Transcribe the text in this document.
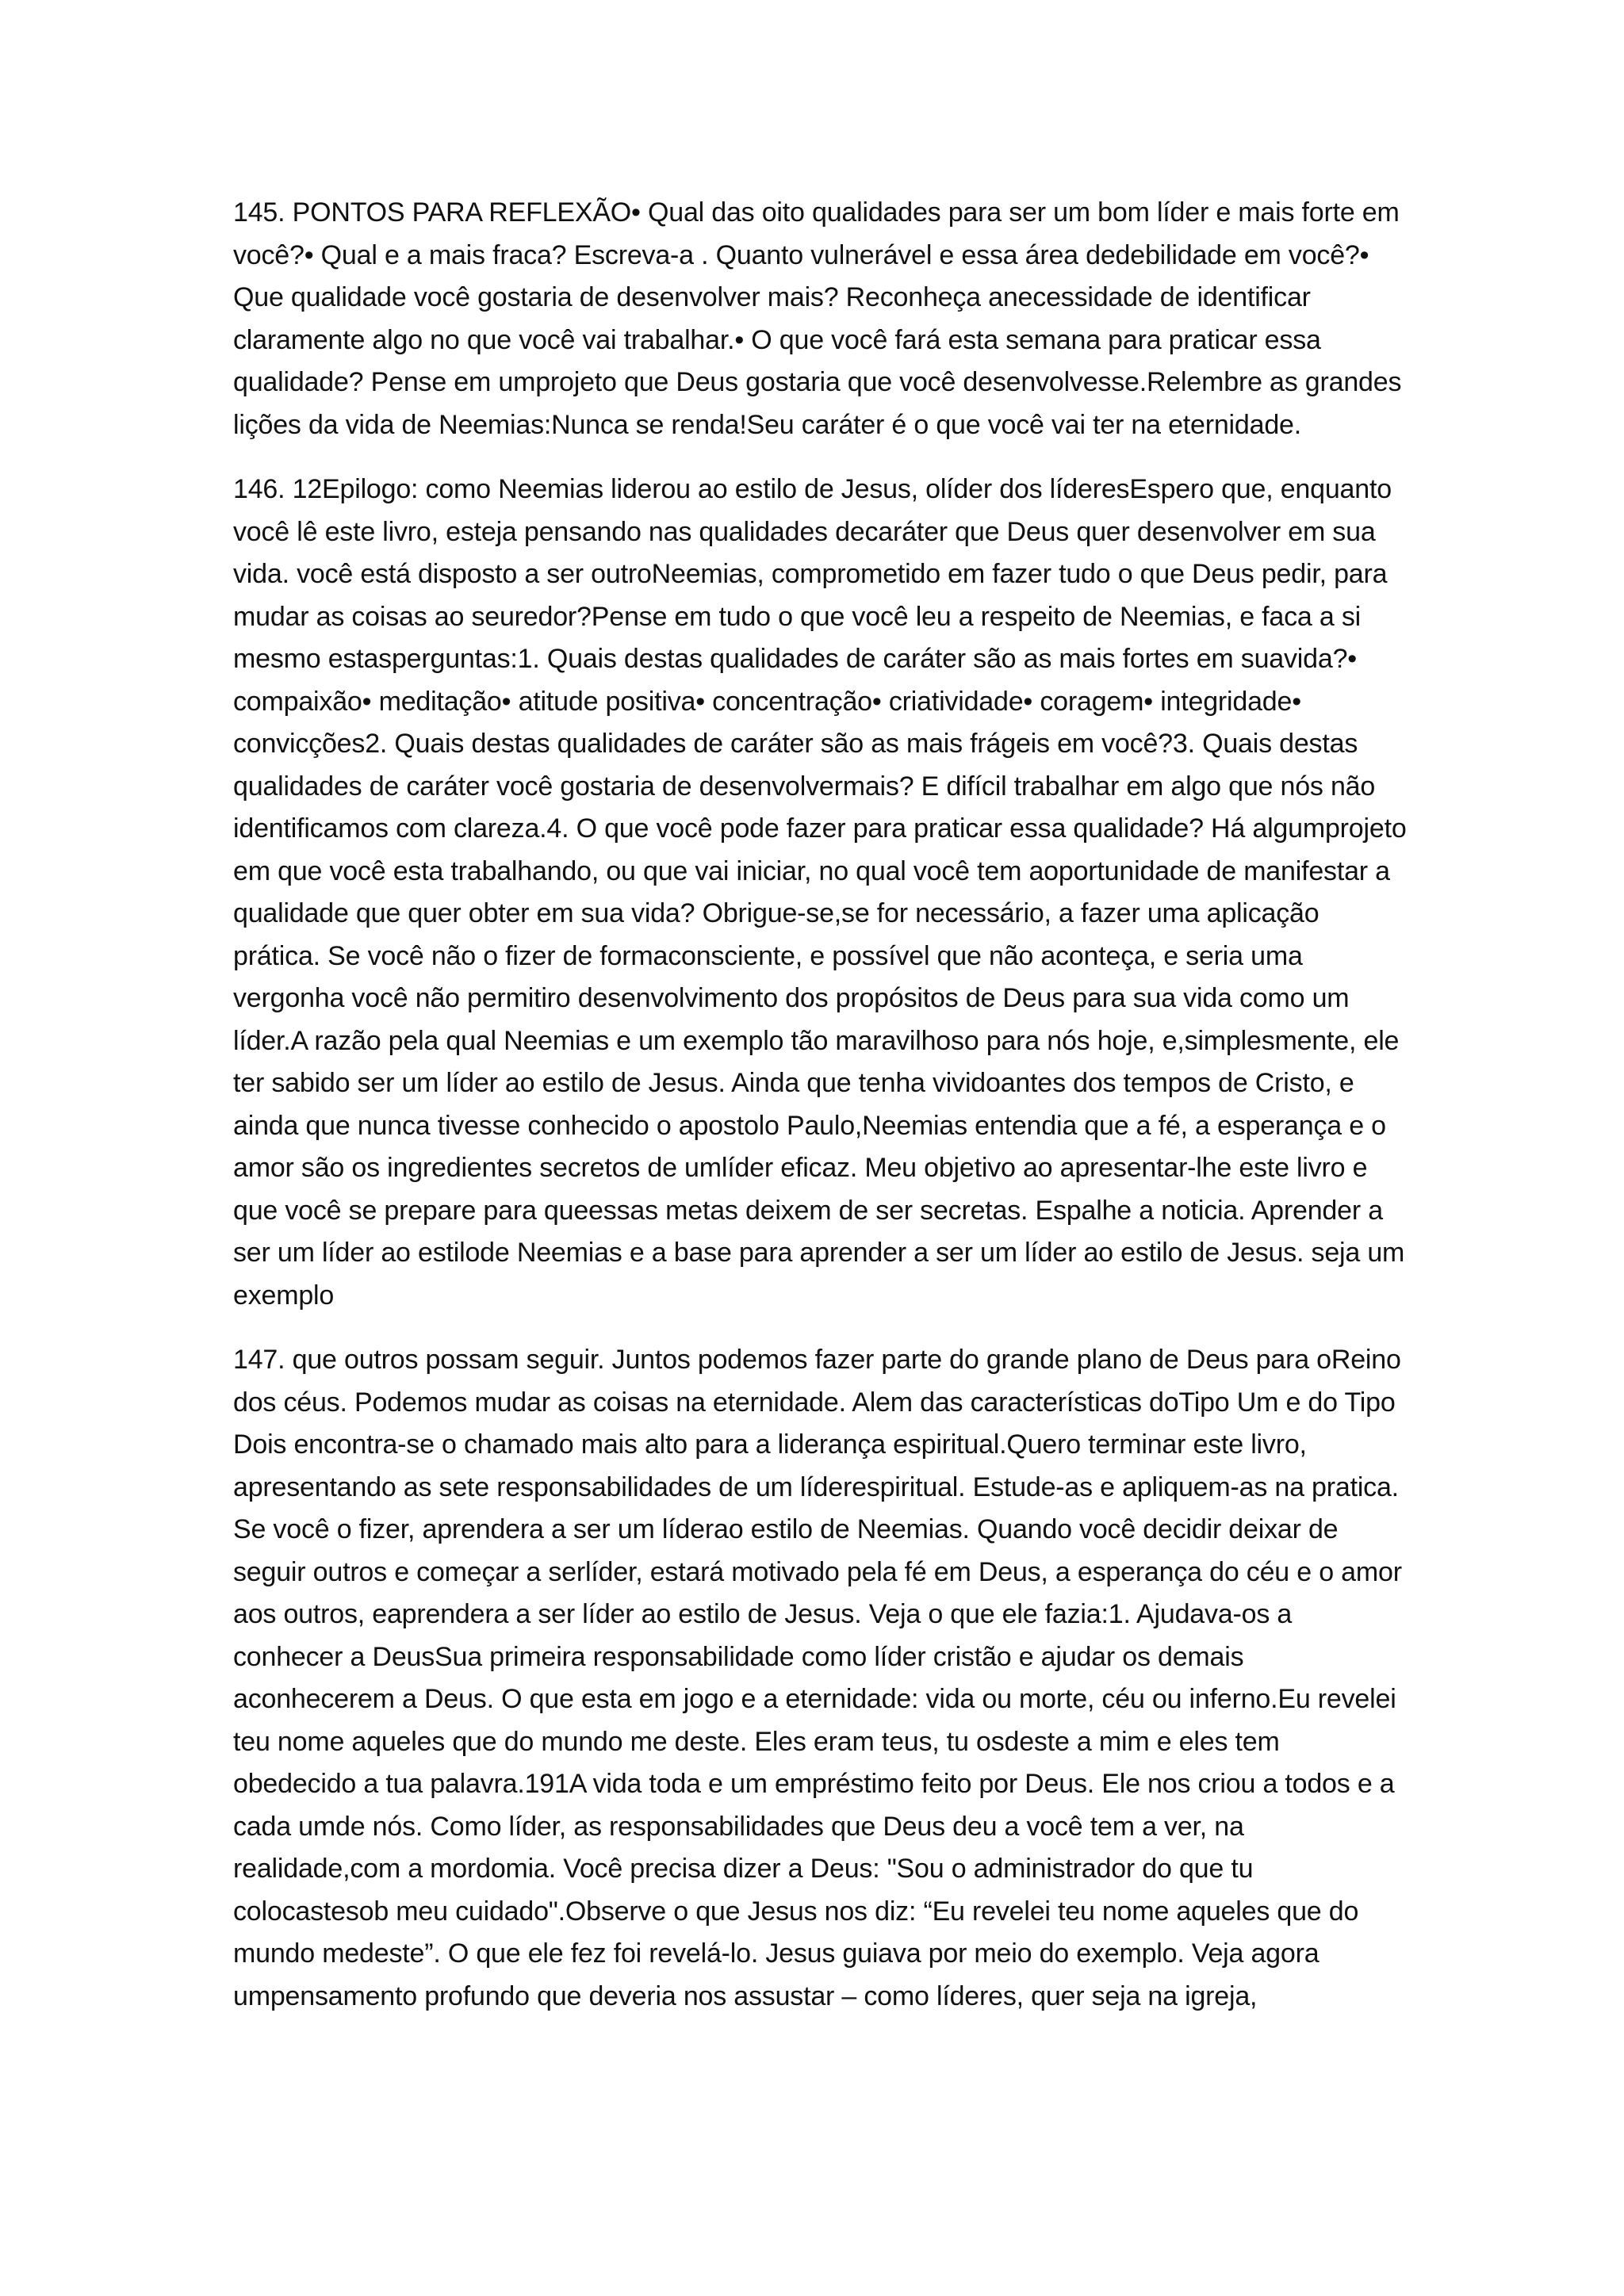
145. PONTOS PARA REFLEXÃO• Qual das oito qualidades para ser um bom líder e mais forte em você?• Qual e a mais fraca? Escreva-a . Quanto vulnerável e essa área dedebilidade em você?• Que qualidade você gostaria de desenvolver mais? Reconheça anecessidade de identificar claramente algo no que você vai trabalhar.• O que você fará esta semana para praticar essa qualidade? Pense em umprojeto que Deus gostaria que você desenvolvesse.Relembre as grandes lições da vida de Neemias:Nunca se renda!Seu caráter é o que você vai ter na eternidade.

146. 12Epilogo: como Neemias liderou ao estilo de Jesus, olíder dos líderesEspero que, enquanto você lê este livro, esteja pensando nas qualidades decaráter que Deus quer desenvolver em sua vida. você está disposto a ser outroNeemias, comprometido em fazer tudo o que Deus pedir, para mudar as coisas ao seuredor?Pense em tudo o que você leu a respeito de Neemias, e faca a si mesmo estasperguntas:1. Quais destas qualidades de caráter são as mais fortes em suavida?• compaixão• meditação• atitude positiva• concentração• criatividade• coragem• integridade• convicções2. Quais destas qualidades de caráter são as mais frágeis em você?3. Quais destas qualidades de caráter você gostaria de desenvolvermais? E difícil trabalhar em algo que nós não identificamos com clareza.4. O que você pode fazer para praticar essa qualidade? Há algumprojeto em que você esta trabalhando, ou que vai iniciar, no qual você tem aoportunidade de manifestar a qualidade que quer obter em sua vida? Obrigue-se,se for necessário, a fazer uma aplicação prática. Se você não o fizer de formaconsciente, e possível que não aconteça, e seria uma vergonha você não permitiro desenvolvimento dos propósitos de Deus para sua vida como um líder.A razão pela qual Neemias e um exemplo tão maravilhoso para nós hoje, e,simplesmente, ele ter sabido ser um líder ao estilo de Jesus. Ainda que tenha vividoantes dos tempos de Cristo, e ainda que nunca tivesse conhecido o apostolo Paulo,Neemias entendia que a fé, a esperança e o amor são os ingredientes secretos de umlíder eficaz. Meu objetivo ao apresentar-lhe este livro e que você se prepare para queessas metas deixem de ser secretas. Espalhe a noticia. Aprender a ser um líder ao estilode Neemias e a base para aprender a ser um líder ao estilo de Jesus. seja um exemplo

147. que outros possam seguir. Juntos podemos fazer parte do grande plano de Deus para oReino dos céus. Podemos mudar as coisas na eternidade. Alem das características doTipo Um e do Tipo Dois encontra-se o chamado mais alto para a liderança espiritual.Quero terminar este livro, apresentando as sete responsabilidades de um líderespiritual. Estude-as e apliquem-as na pratica. Se você o fizer, aprendera a ser um líderao estilo de Neemias. Quando você decidir deixar de seguir outros e começar a serlíder, estará motivado pela fé em Deus, a esperança do céu e o amor aos outros, eaprendera a ser líder ao estilo de Jesus. Veja o que ele fazia:1. Ajudava-os a conhecer a DeusSua primeira responsabilidade como líder cristão e ajudar os demais aconhecerem a Deus. O que esta em jogo e a eternidade: vida ou morte, céu ou inferno.Eu revelei teu nome aqueles que do mundo me deste. Eles eram teus, tu osdeste a mim e eles tem obedecido a tua palavra.191A vida toda e um empréstimo feito por Deus. Ele nos criou a todos e a cada umde nós. Como líder, as responsabilidades que Deus deu a você tem a ver, na realidade,com a mordomia. Você precisa dizer a Deus: "Sou o administrador do que tu colocastesob meu cuidado".Observe o que Jesus nos diz: “Eu revelei teu nome aqueles que do mundo medeste”. O que ele fez foi revelá-lo. Jesus guiava por meio do exemplo. Veja agora umpensamento profundo que deveria nos assustar – como líderes, quer seja na igreja,
